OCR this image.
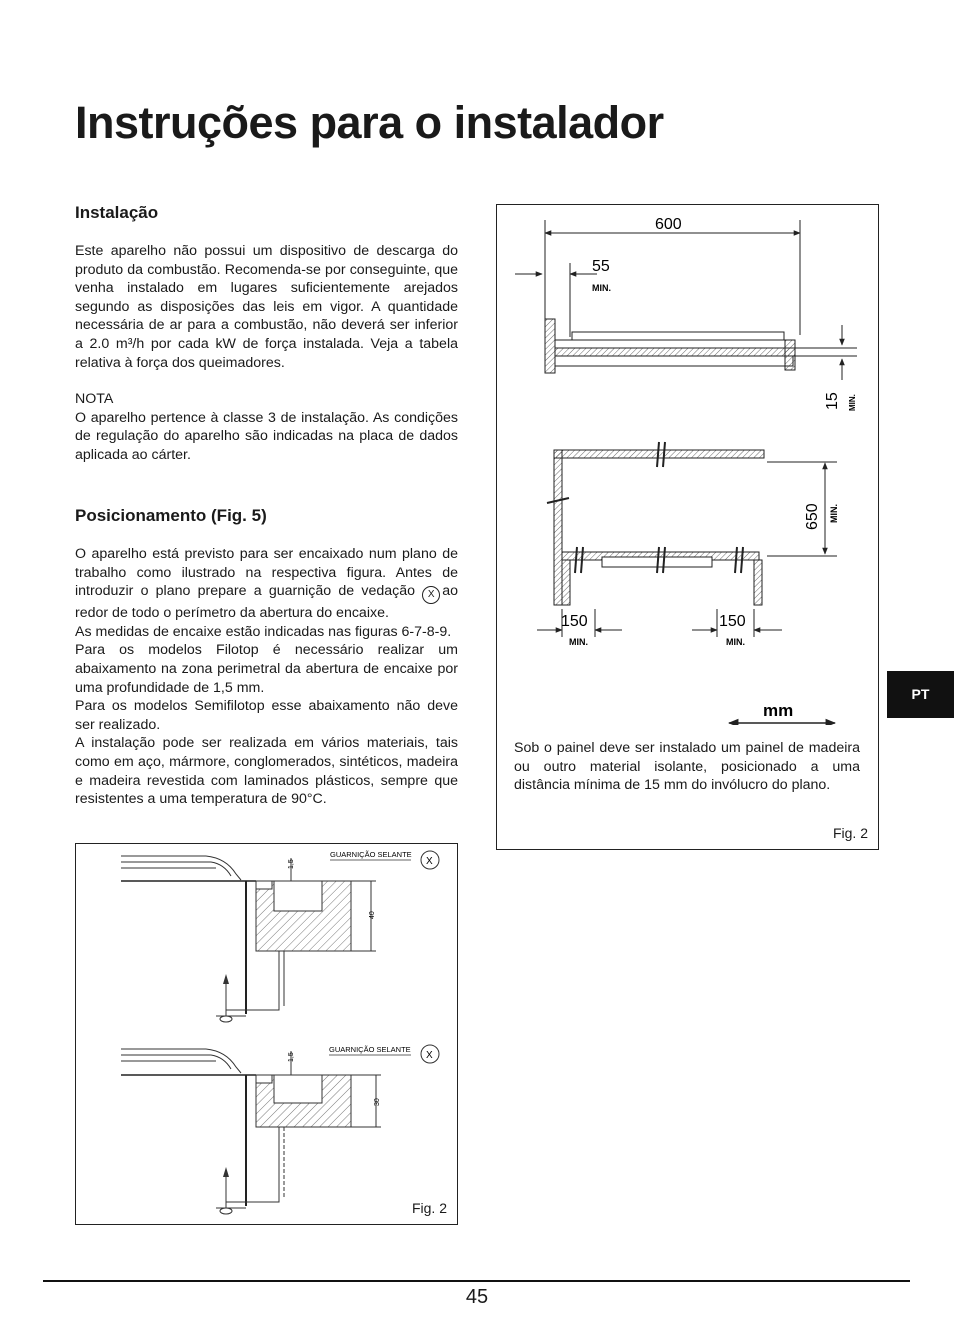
Instruções para o instalador
Instalação

Este aparelho não possui um dispositivo de descarga do produto da combustão. Recomenda-se por conseguinte, que venha instalado em lugares suficientemente arejados segundo as disposições das leis em vigor. A quantidade necessária de ar para a combustão, não deverá ser inferior a 2.0 m³/h por cada kW de força instalada. Veja a tabela relativa à força dos queimadores.

NOTA

O aparelho pertence à classe 3 de instalação. As condições de regulação do aparelho são indicadas na placa de dados aplicada ao cárter.

Posicionamento (Fig. 5)

O aparelho está previsto para ser encaixado num plano de trabalho como ilustrado na respectiva figura. Antes de introduzir o plano prepare a guarnição de vedação X ao redor de todo o perímetro da abertura do encaixe.

As medidas de encaixe estão indicadas nas figuras 6-7-8-9.

Para os modelos Filotop é necessário realizar um abaixamento na zona perimetral da abertura de encaixe por uma profundidade de 1,5 mm.

Para os modelos Semifilotop esse abaixamento não deve ser realizado.

A instalação pode ser realizada em vários materiais, tais como em aço, mármore, conglomerados, sintéticos, madeira e madeira revestida com laminados plásticos, sempre que resistentes a uma temperatura de 90°C.

1,5
40
GUARNIÇÃO SELANTE
X
1,5
30
GUARNIÇÃO SELANTE
X
Fig. 2
600
55
MIN.
15 MIN.
650 MIN.
150
MIN.
150
MIN.
mm

Sob o painel deve ser instalado um painel de madeira ou outro material isolante, posicionado a uma distância mínima de 15 mm do invólucro do plano.

Fig. 2
PT
45
